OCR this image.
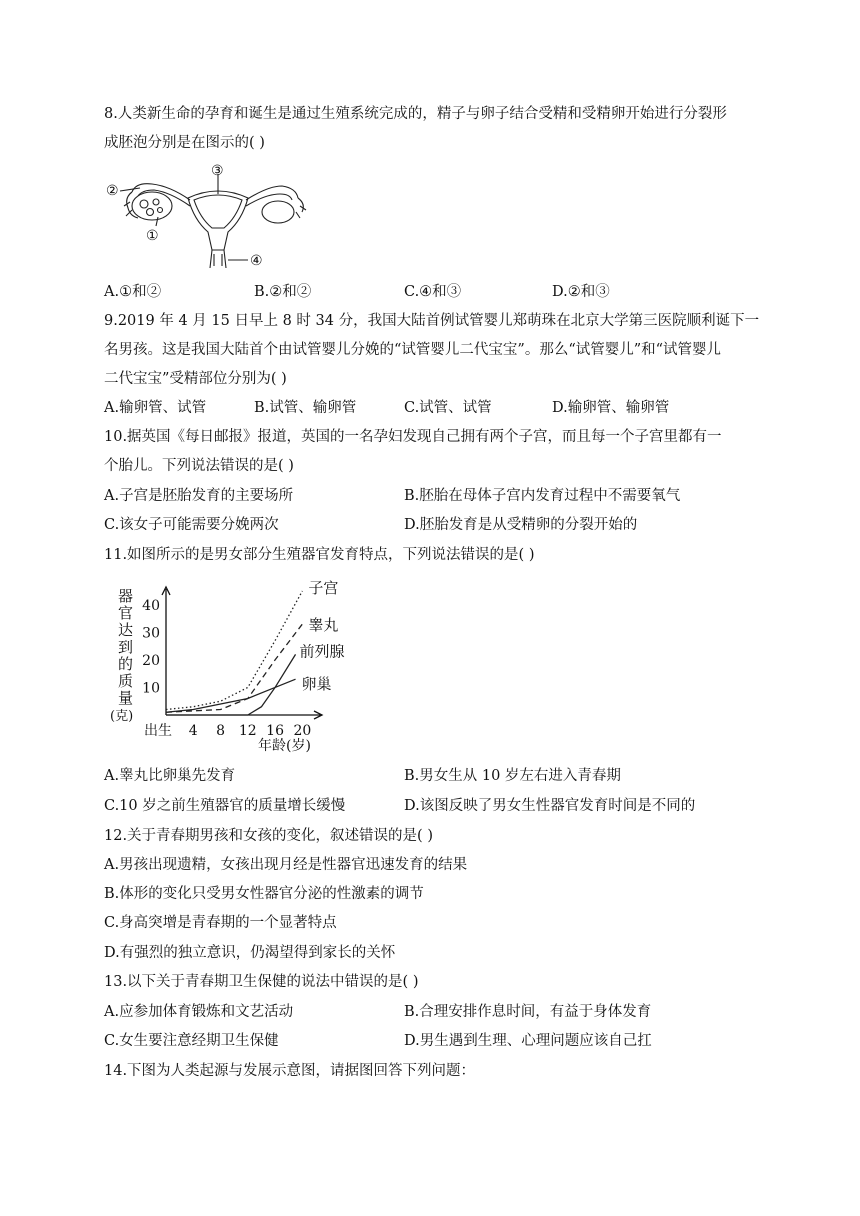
8.人类新生命的孕育和诞生是通过生殖系统完成的，精子与卵子结合受精和受精卵开始进行分裂形
成胚泡分别是在图示的( )
②
③
①
④
A.①和②	B.②和②	C.④和③	D.②和③
9.2019 年 4 月 15 日早上 8 时 34 分，我国大陆首例试管婴儿郑萌珠在北京大学第三医院顺利诞下一
名男孩。这是我国大陆首个由试管婴儿分娩的“试管婴儿二代宝宝”。那么“试管婴儿”和“试管婴儿
二代宝宝”受精部位分别为( )
A.输卵管、试管	B.试管、输卵管	C.试管、试管	D.输卵管、输卵管
10.据英国《每日邮报》报道，英国的一名孕妇发现自己拥有两个子宫，而且每一个子宫里都有一
个胎儿。下列说法错误的是( )
A.子宫是胚胎发育的主要场所	B.胚胎在母体子宫内发育过程中不需要氧气
C.该女子可能需要分娩两次	D.胚胎发育是从受精卵的分裂开始的
11.如图所示的是男女部分生殖器官发育特点，下列说法错误的是( )
器
官
达
到
的
质
量
(克)
10
20
30
40
4 8 12 16 20
子宫
睾丸
前列腺
卵巢
出生
年龄(岁)
A.睾丸比卵巢先发育	B.男女生从 10 岁左右进入青春期
C.10 岁之前生殖器官的质量增长缓慢	D.该图反映了男女生性器官发育时间是不同的
12.关于青春期男孩和女孩的变化，叙述错误的是( )
A.男孩出现遗精，女孩出现月经是性器官迅速发育的结果
B.体形的变化只受男女性器官分泌的性激素的调节
C.身高突增是青春期的一个显著特点
D.有强烈的独立意识，仍渴望得到家长的关怀
13.以下关于青春期卫生保健的说法中错误的是( )
A.应参加体育锻炼和文艺活动	B.合理安排作息时间，有益于身体发育
C.女生要注意经期卫生保健	D.男生遇到生理、心理问题应该自己扛
14.下图为人类起源与发展示意图，请据图回答下列问题：
